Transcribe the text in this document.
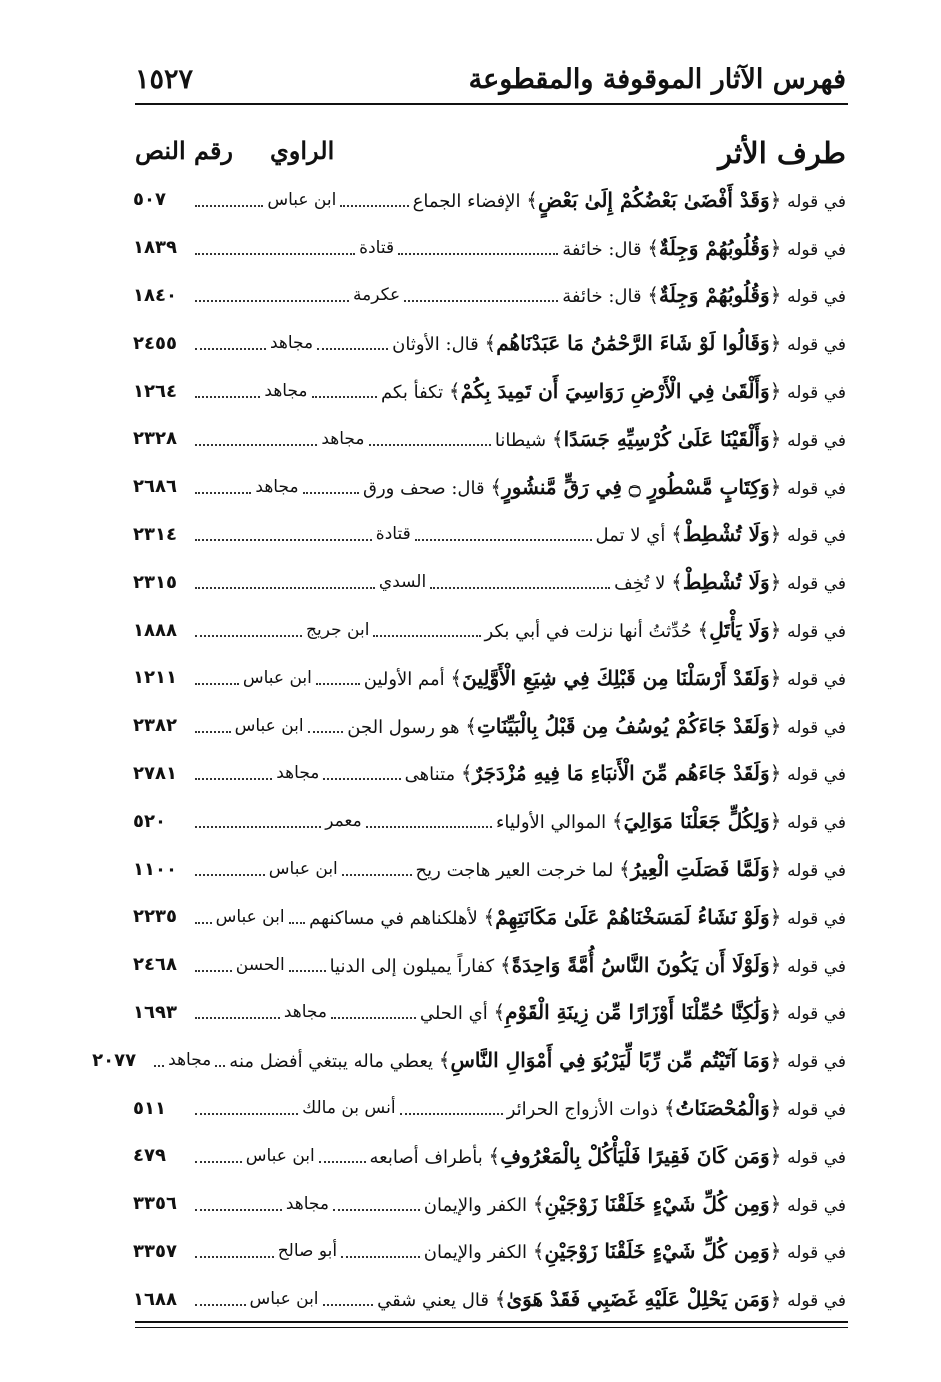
فهرس الآثار الموقوفة والمقطوعة
١٥٢٧
طرف الأثر
الراوي
رقم النص
في قوله ﴿وَقَدْ أَفْضَىٰ بَعْضُكُمْ إِلَىٰ بَعْضٍ﴾ الإفضاء الجماع
ابن عباس
٥٠٧
في قوله ﴿وَقُلُوبُهُمْ وَجِلَةٌ﴾ قال: خائفة
قتادة
١٨٣٩
في قوله ﴿وَقُلُوبُهُمْ وَجِلَةٌ﴾ قال: خائفة
عكرمة
١٨٤٠
في قوله ﴿وَقَالُوا لَوْ شَاءَ الرَّحْمَٰنُ مَا عَبَدْنَاهُم﴾ قال: الأوثان
مجاهد
٢٤٥٥
في قوله ﴿وَأَلْقَىٰ فِي الْأَرْضِ رَوَاسِيَ أَن تَمِيدَ بِكُمْ﴾ تكفأ بكم
مجاهد
١٢٦٤
في قوله ﴿وَأَلْقَيْنَا عَلَىٰ كُرْسِيِّهِ جَسَدًا﴾ شيطانا
مجاهد
٢٣٢٨
في قوله ﴿وَكِتَابٍ مَّسْطُورٍ ۝ فِي رَقٍّ مَّنشُورٍ﴾ قال: صحف ورق
مجاهد
٢٦٨٦
في قوله ﴿وَلَا تُشْطِطْ﴾ أي لا تمل
قتادة
٢٣١٤
في قوله ﴿وَلَا تُشْطِطْ﴾ لا تُخِف
السدي
٢٣١٥
في قوله ﴿وَلَا يَأْتَلِ﴾ حُدِّثتُ أنها نزلت في أبي بكر
ابن جريج
١٨٨٨
في قوله ﴿وَلَقَدْ أَرْسَلْنَا مِن قَبْلِكَ فِي شِيَعِ الْأَوَّلِينَ﴾ أمم الأولين
ابن عباس
١٢١١
في قوله ﴿وَلَقَدْ جَاءَكُمْ يُوسُفُ مِن قَبْلُ بِالْبَيِّنَاتِ﴾ هو رسول الجن
ابن عباس
٢٣٨٢
في قوله ﴿وَلَقَدْ جَاءَهُم مِّنَ الْأَنبَاءِ مَا فِيهِ مُزْدَجَرٌ﴾ متناهى
مجاهد
٢٧٨١
في قوله ﴿وَلِكُلٍّ جَعَلْنَا مَوَالِيَ﴾ الموالي الأولياء
معمر
٥٢٠
في قوله ﴿وَلَمَّا فَصَلَتِ الْعِيرُ﴾ لما خرجت العير هاجت ريح
ابن عباس
١١٠٠
في قوله ﴿وَلَوْ نَشَاءُ لَمَسَخْنَاهُمْ عَلَىٰ مَكَانَتِهِمْ﴾ لأهلكناهم في مساكنهم
ابن عباس
٢٢٣٥
في قوله ﴿وَلَوْلَا أَن يَكُونَ النَّاسُ أُمَّةً وَاحِدَةً﴾ كفاراً يميلون إلى الدنيا
الحسن
٢٤٦٨
في قوله ﴿وَلَٰكِنَّا حُمِّلْنَا أَوْزَارًا مِّن زِينَةِ الْقَوْمِ﴾ أي الحلي
مجاهد
١٦٩٣
في قوله ﴿وَمَا آتَيْتُم مِّن رِّبًا لِّيَرْبُوَ فِي أَمْوَالِ النَّاسِ﴾ يعطي ماله يبتغي أفضل منه
مجاهد
٢٠٧٧
في قوله ﴿وَالْمُحْصَنَاتُ﴾ ذوات الأزواج الحرائر
أنس بن مالك
٥١١
في قوله ﴿وَمَن كَانَ فَقِيرًا فَلْيَأْكُلْ بِالْمَعْرُوفِ﴾ بأطراف أصابعه
ابن عباس
٤٧٩
في قوله ﴿وَمِن كُلِّ شَيْءٍ خَلَقْنَا زَوْجَيْنِ﴾ الكفر والإيمان
مجاهد
٣٣٥٦
في قوله ﴿وَمِن كُلِّ شَيْءٍ خَلَقْنَا زَوْجَيْنِ﴾ الكفر والإيمان
أبو صالح
٣٣٥٧
في قوله ﴿وَمَن يَحْلِلْ عَلَيْهِ غَضَبِي فَقَدْ هَوَىٰ﴾ قال يعني شقي
ابن عباس
١٦٨٨
